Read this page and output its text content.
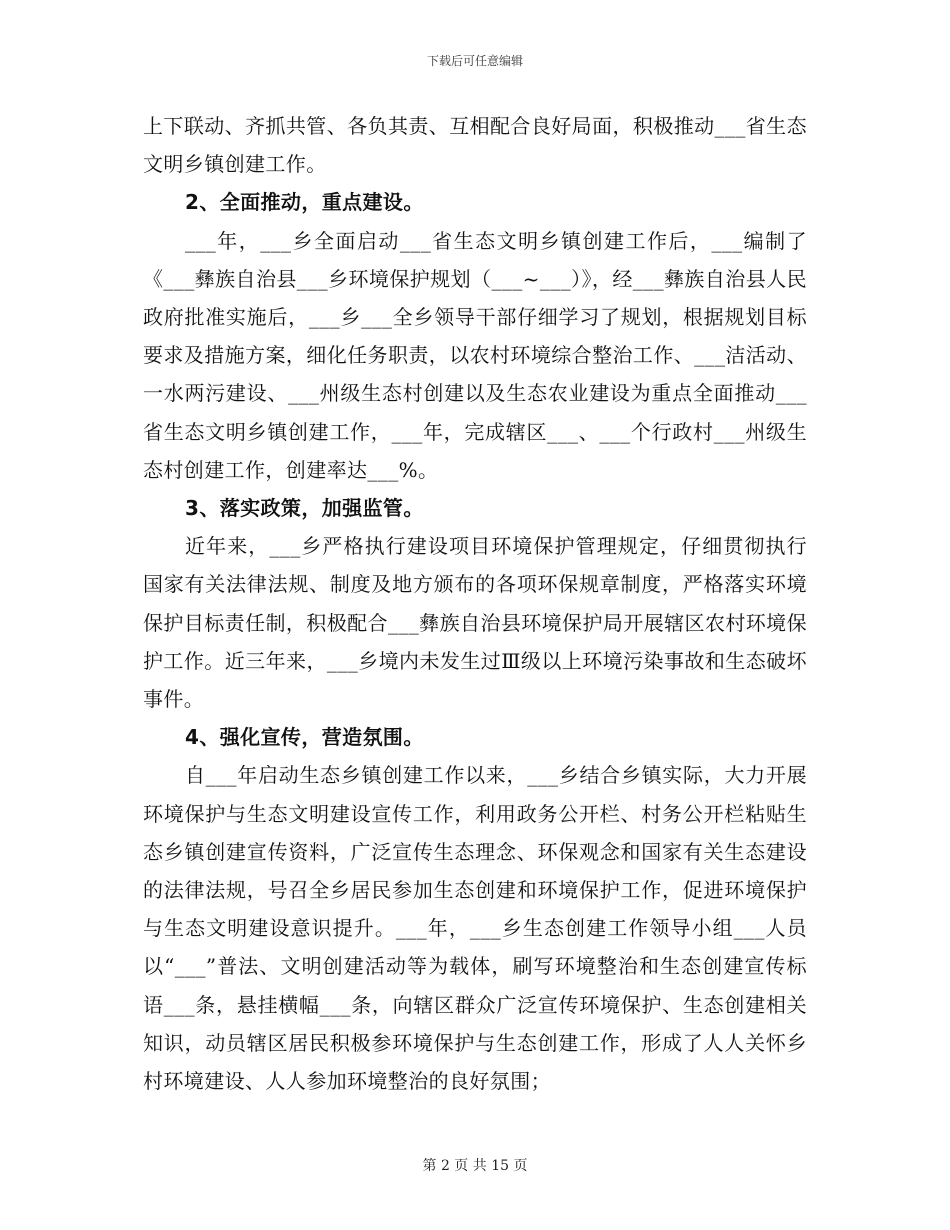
下载后可任意编辑

上下联动、齐抓共管、各负其责、互相配合良好局面，积极推动___省生态文明乡镇创建工作。

2、全面推动，重点建设。

___年，___乡全面启动___省生态文明乡镇创建工作后，___编制了《___彝族自治县___乡环境保护规划（___~___）》，经___彝族自治县人民政府批准实施后，___乡___全乡领导干部仔细学习了规划，根据规划目标要求及措施方案，细化任务职责，以农村环境综合整治工作、___洁活动、一水两污建设、___州级生态村创建以及生态农业建设为重点全面推动___省生态文明乡镇创建工作，___年，完成辖区___、___个行政村___州级生态村创建工作，创建率达___%。

3、落实政策，加强监管。

近年来，___乡严格执行建设项目环境保护管理规定，仔细贯彻执行国家有关法律法规、制度及地方颁布的各项环保规章制度，严格落实环境保护目标责任制，积极配合___彝族自治县环境保护局开展辖区农村环境保护工作。近三年来，___乡境内未发生过Ⅲ级以上环境污染事故和生态破坏事件。

4、强化宣传，营造氛围。

自___年启动生态乡镇创建工作以来，___乡结合乡镇实际，大力开展环境保护与生态文明建设宣传工作，利用政务公开栏、村务公开栏粘贴生态乡镇创建宣传资料，广泛宣传生态理念、环保观念和国家有关生态建设的法律法规，号召全乡居民参加生态创建和环境保护工作，促进环境保护与生态文明建设意识提升。___年，___乡生态创建工作领导小组___人员以“___”普法、文明创建活动等为载体，刷写环境整治和生态创建宣传标语___条，悬挂横幅___条，向辖区群众广泛宣传环境保护、生态创建相关知识，动员辖区居民积极参环境保护与生态创建工作，形成了人人关怀乡村环境建设、人人参加环境整治的良好氛围；

第 2 页 共 15 页
